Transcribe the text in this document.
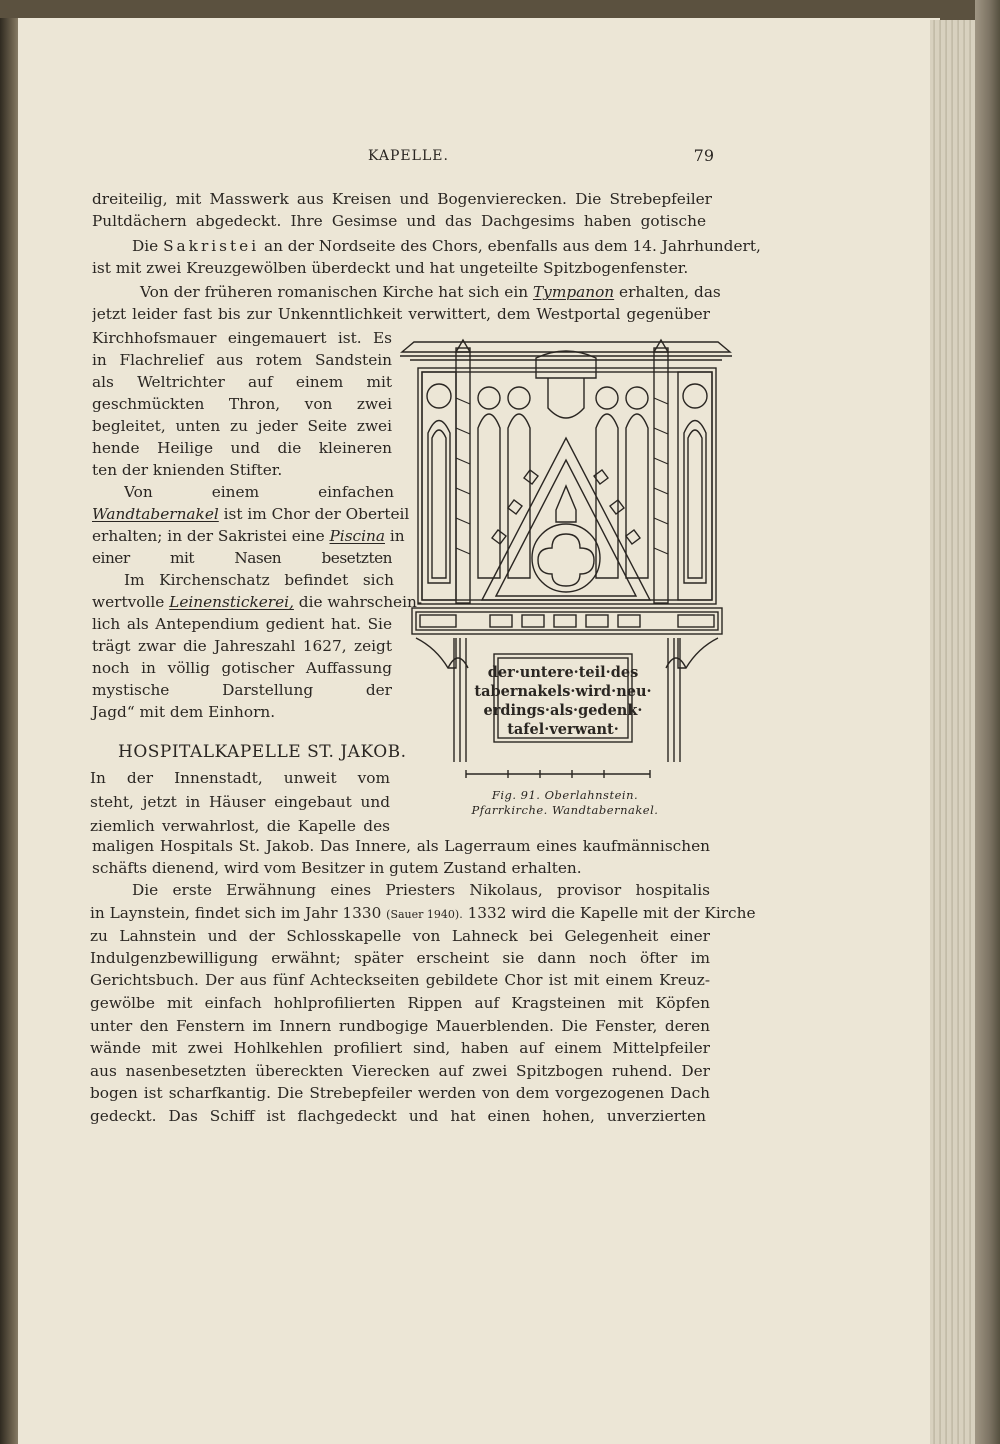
KAPELLE.	79
dreiteilig, mit Masswerk aus Kreisen und Bogenvierecken. Die Strebepfeiler
Pultdächern abgedeckt. Ihre Gesimse und das Dachgesims haben gotische
Die Sakristei an der Nordseite des Chors, ebenfalls aus dem 14. Jahrhundert,
ist mit zwei Kreuzgewölben überdeckt und hat ungeteilte Spitzbogenfenster.
Von der früheren romanischen Kirche hat sich ein Tympanon erhalten, das
jetzt leider fast bis zur Unkenntlichkeit verwittert, dem Westportal gegenüber
Kirchhofsmauer eingemauert ist. Es
in Flachrelief aus rotem Sandstein
als Weltrichter auf einem mit
geschmückten Thron, von zwei
begleitet, unten zu jeder Seite zwei
hende Heilige und die kleineren
ten der knienden Stifter.
Von einem einfachen
Wandtabernakel ist im Chor der Oberteil
erhalten; in der Sakristei eine Piscina in
einer mit Nasen besetzten
Im Kirchenschatz befindet sich
wertvolle Leinenstickerei, die wahrschein-
lich als Antependium gedient hat. Sie
trägt zwar die Jahreszahl 1627, zeigt
noch in völlig gotischer Auffassung
mystische Darstellung der
Jagd“ mit dem Einhorn.
HOSPITALKAPELLE ST. JAKOB.
In der Innenstadt, unweit vom
steht, jetzt in Häuser eingebaut und
ziemlich verwahrlost, die Kapelle des
maligen Hospitals St. Jakob. Das Innere, als Lagerraum eines kaufmännischen
schäfts dienend, wird vom Besitzer in gutem Zustand erhalten.
Die erste Erwähnung eines Priesters Nikolaus, provisor hospitalis
in Laynstein, findet sich im Jahr 1330 (Sauer 1940). 1332 wird die Kapelle mit der Kirche
zu Lahnstein und der Schlosskapelle von Lahneck bei Gelegenheit einer
Indulgenzbewilligung erwähnt; später erscheint sie dann noch öfter im
Gerichtsbuch. Der aus fünf Achteckseiten gebildete Chor ist mit einem Kreuz-
gewölbe mit einfach hohlprofilierten Rippen auf Kragsteinen mit Köpfen
unter den Fenstern im Innern rundbogige Mauerblenden. Die Fenster, deren
wände mit zwei Hohlkehlen profiliert sind, haben auf einem Mittelpfeiler
aus nasenbesetzten übereckten Vierecken auf zwei Spitzbogen ruhend. Der
bogen ist scharfkantig. Die Strebepfeiler werden von dem vorgezogenen Dach
gedeckt. Das Schiff ist flachgedeckt und hat einen hohen, unverzierten
der·untere·teil·des
tabernakels·wird·neu·
erdings·als·gedenk·
tafel·verwant·
Fig. 91. Oberlahnstein.
Pfarrkirche. Wandtabernakel.
